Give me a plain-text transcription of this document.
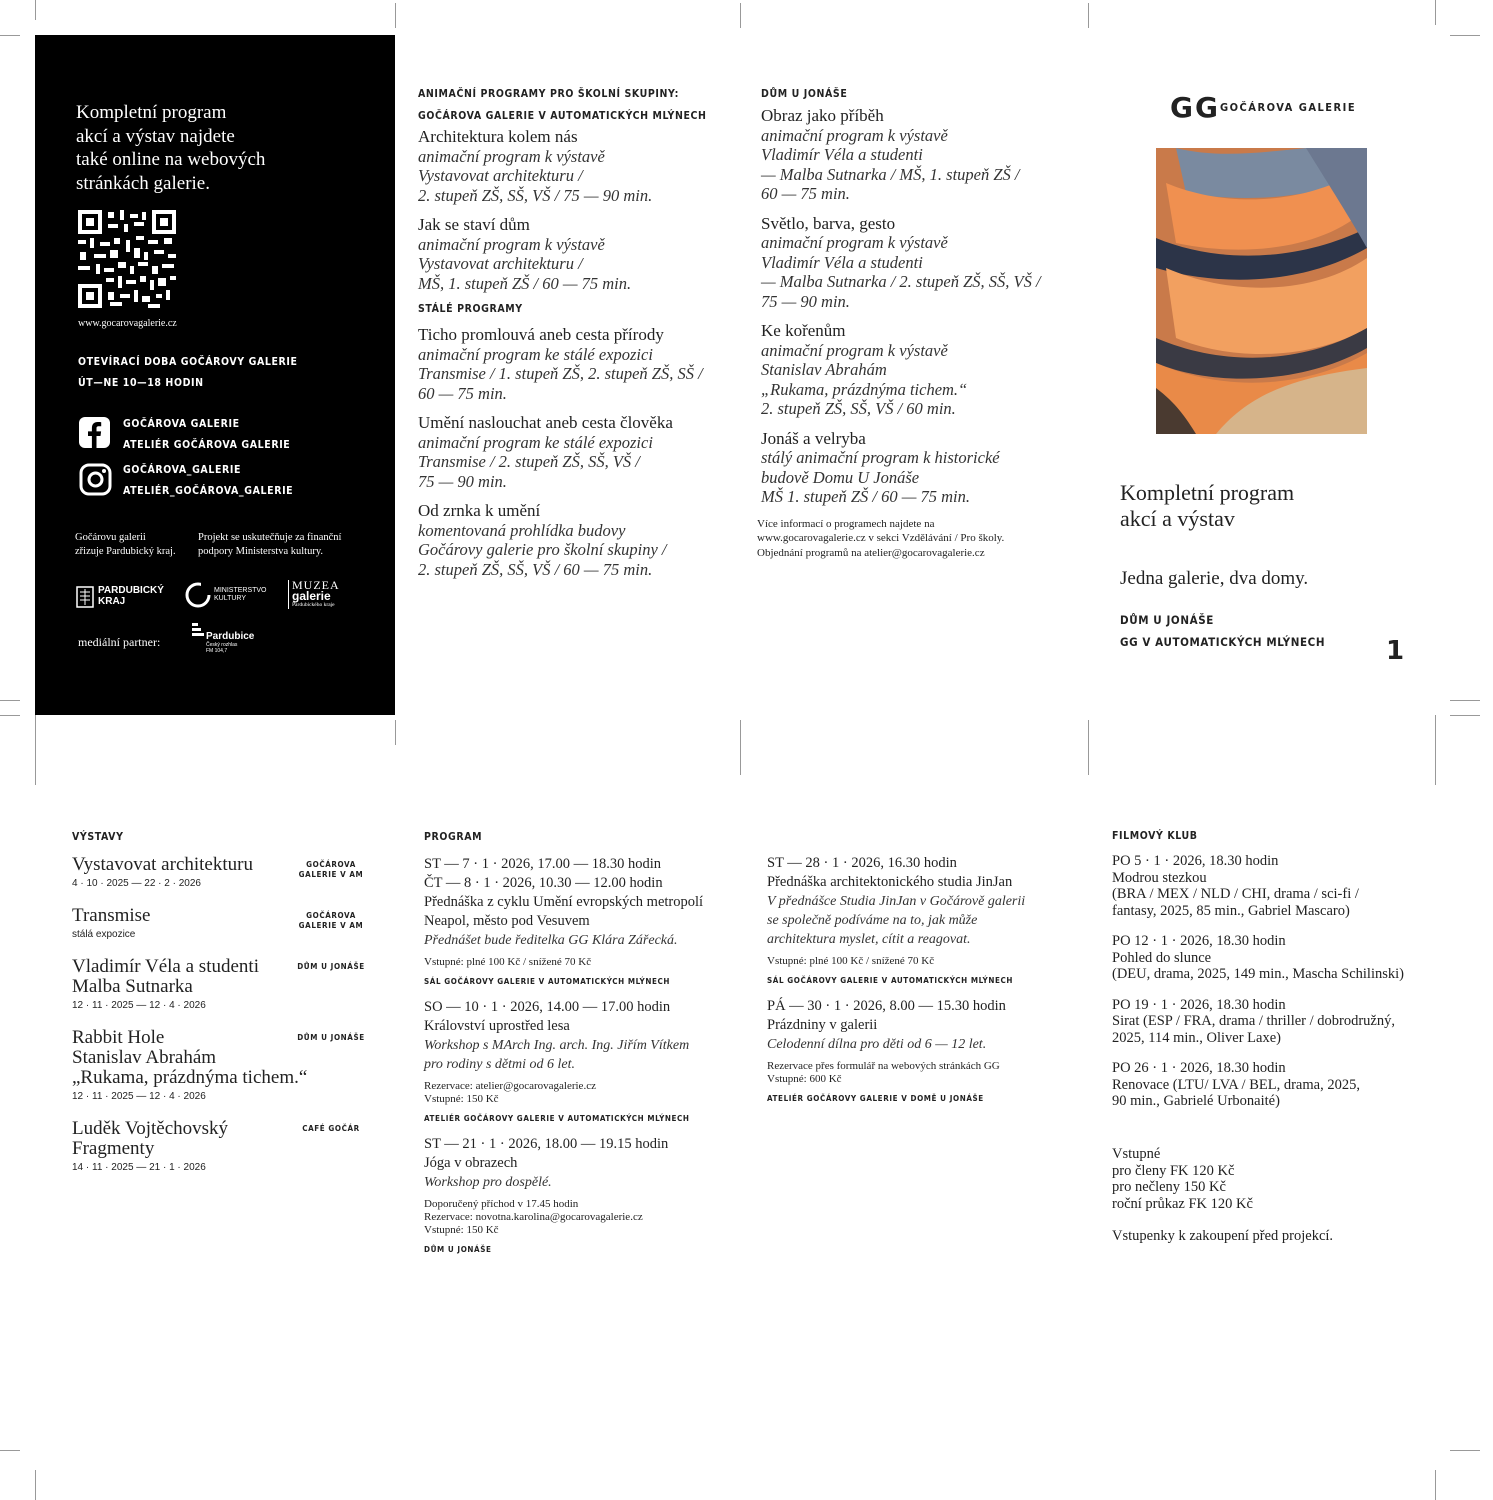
Kompletní program
akcí a výstav najdete
také online na webových
stránkách galerie.
www.gocarovagalerie.cz
OTEVÍRACÍ DOBA GOČÁROVY GALERIE
ÚT—NE 10—18 HODIN
GOČÁROVA GALERIE
ATELIÉR GOČÁROVA GALERIE
GOČÁROVA_GALERIE
ATELIÉR_GOČÁROVA_GALERIE
Gočárovu galerii
zřizuje Pardubický kraj.
Projekt se uskutečňuje za finanční
podpory Ministerstva kultury.
PARDUBICKÝ
KRAJ
MINISTERSTVO
KULTURY
MUZEA
galerie
Pardubického kraje
mediální partner:	Pardubice
Český rozhlas
FM 104,7
ANIMAČNÍ PROGRAMY PRO ŠKOLNÍ SKUPINY:
GOČÁROVA GALERIE V AUTOMATICKÝCH MLÝNECH
Architektura kolem nás
animační program k výstavě
Vystavovat architekturu /
2. stupeň ZŠ, SŠ, VŠ / 75 — 90 min.
Jak se staví dům
animační program k výstavě
Vystavovat architekturu /
MŠ, 1. stupeň ZŠ / 60 — 75 min.
STÁLÉ PROGRAMY
Ticho promlouvá aneb cesta přírody
animační program ke stálé expozici
Transmise / 1. stupeň ZŠ, 2. stupeň ZŠ, SŠ /
60 — 75 min.
Umění naslouchat aneb cesta člověka
animační program ke stálé expozici
Transmise / 2. stupeň ZŠ, SŠ, VŠ /
75 — 90 min.
Od zrnka k umění
komentovaná prohlídka budovy
Gočárovy galerie pro školní skupiny /
2. stupeň ZŠ, SŠ, VŠ / 60 — 75 min.
DŮM U JONÁŠE
Obraz jako příběh
animační program k výstavě
Vladimír Véla a studenti
— Malba Sutnarka / MŠ, 1. stupeň ZŠ /
60 — 75 min.
Světlo, barva, gesto
animační program k výstavě
Vladimír Véla a studenti
— Malba Sutnarka / 2. stupeň ZŠ, SŠ, VŠ /
75 — 90 min.
Ke kořenům
animační program k výstavě
Stanislav Abrahám
„Rukama, prázdnýma tichem.“
2. stupeň ZŠ, SŠ, VŠ / 60 min.
Jonáš a velryba
stálý animační program k historické
budově Domu U Jonáše
MŠ 1. stupeň ZŠ / 60 — 75 min.
Více informací o programech najdete na
www.gocarovagalerie.cz v sekci Vzdělávání / Pro školy.
Objednání programů na atelier@gocarovagalerie.cz
GG GOČÁROVA GALERIE
Kompletní program
akcí a výstav
Jedna galerie, dva domy.
DŮM U JONÁŠE
GG V AUTOMATICKÝCH MLÝNECH 1
VÝSTAVY
Vystavovat architekturu
4 · 10 · 2025 — 22 · 2 · 2026
GOČÁROVA GALERIE V AM
Transmise
stálá expozice
GOČÁROVA GALERIE V AM
Vladimír Véla a studenti
Malba Sutnarka
12 · 11 · 2025 — 12 · 4 · 2026
DŮM U JONÁŠE
Rabbit Hole
Stanislav Abrahám
„Rukama, prázdnýma tichem.“
12 · 11 · 2025 — 12 · 4 · 2026
DŮM U JONÁŠE
Luděk Vojtěchovský
Fragmenty
14 · 11 · 2025 — 21 · 1 · 2026
CAFÉ GOČÁR
PROGRAM
ST — 7 · 1 · 2026, 17.00 — 18.30 hodin
ČT — 8 · 1 · 2026, 10.30 — 12.00 hodin
Přednáška z cyklu Umění evropských metropolí
Neapol, město pod Vesuvem
Přednášet bude ředitelka GG Klára Zářecká.
Vstupné: plné 100 Kč / snížené 70 Kč
SÁL GOČÁROVY GALERIE V AUTOMATICKÝCH MLÝNECH
SO — 10 · 1 · 2026, 14.00 — 17.00 hodin
Království uprostřed lesa
Workshop s MArch Ing. arch. Ing. Jiřím Vítkem
pro rodiny s dětmi od 6 let.
Rezervace: atelier@gocarovagalerie.cz
Vstupné: 150 Kč
ATELIÉR GOČÁROVY GALERIE V AUTOMATICKÝCH MLÝNECH
ST — 21 · 1 · 2026, 18.00 — 19.15 hodin
Jóga v obrazech
Workshop pro dospělé.
Doporučený příchod v 17.45 hodin
Rezervace: novotna.karolina@gocarovagalerie.cz
Vstupné: 150 Kč
DŮM U JONÁŠE
ST — 28 · 1 · 2026, 16.30 hodin
Přednáška architektonického studia JinJan
V přednášce Studia JinJan v Gočárově galerii
se společně podíváme na to, jak může
architektura myslet, cítit a reagovat.
Vstupné: plné 100 Kč / snížené 70 Kč
SÁL GOČÁROVY GALERIE V AUTOMATICKÝCH MLÝNECH
PÁ — 30 · 1 · 2026, 8.00 — 15.30 hodin
Prázdniny v galerii
Celodenní dílna pro děti od 6 — 12 let.
Rezervace přes formulář na webových stránkách GG
Vstupné: 600 Kč
ATELIÉR GOČÁROVY GALERIE V DOMĚ U JONÁŠE
FILMOVÝ KLUB
PO 5 · 1 · 2026, 18.30 hodin
Modrou stezkou
(BRA / MEX / NLD / CHI, drama / sci-fi /
fantasy, 2025, 85 min., Gabriel Mascaro)
PO 12 · 1 · 2026, 18.30 hodin
Pohled do slunce
(DEU, drama, 2025, 149 min., Mascha Schilinski)
PO 19 · 1 · 2026, 18.30 hodin
Sirat (ESP / FRA, drama / thriller / dobrodružný,
2025, 114 min., Oliver Laxe)
PO 26 · 1 · 2026, 18.30 hodin
Renovace (LTU/ LVA / BEL, drama, 2025,
90 min., Gabrielé Urbonaité)
Vstupné
pro členy FK 120 Kč
pro nečleny 150 Kč
roční průkaz FK 120 Kč
Vstupenky k zakoupení před projekcí.
